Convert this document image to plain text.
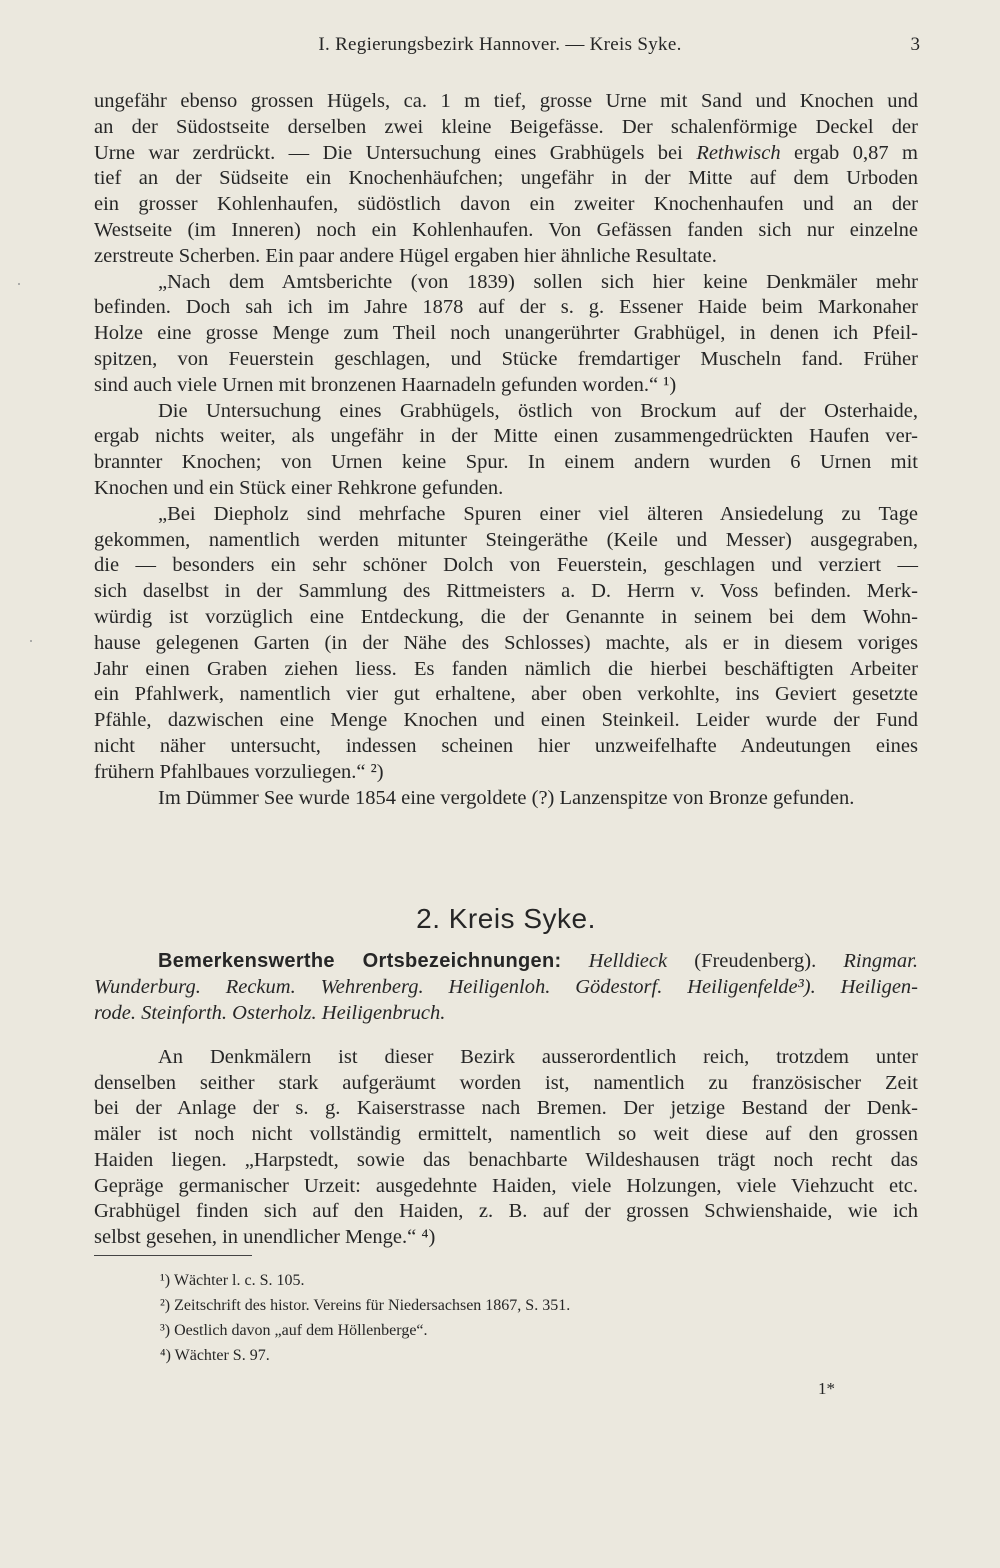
I. Regierungsbezirk Hannover. — Kreis Syke.	3
ungefähr ebenso grossen Hügels, ca. 1 m tief, grosse Urne mit Sand und Knochen und
an der Südostseite derselben zwei kleine Beigefässe. Der schalenförmige Deckel der
Urne war zerdrückt. — Die Untersuchung eines Grabhügels bei Rethwisch ergab 0,87 m
tief an der Südseite ein Knochenhäufchen; ungefähr in der Mitte auf dem Urboden
ein grosser Kohlenhaufen, südöstlich davon ein zweiter Knochenhaufen und an der
Westseite (im Inneren) noch ein Kohlenhaufen. Von Gefässen fanden sich nur einzelne
zerstreute Scherben. Ein paar andere Hügel ergaben hier ähnliche Resultate.
„Nach dem Amtsberichte (von 1839) sollen sich hier keine Denkmäler mehr
befinden. Doch sah ich im Jahre 1878 auf der s. g. Essener Haide beim Markonaher
Holze eine grosse Menge zum Theil noch unangerührter Grabhügel, in denen ich Pfeil-
spitzen, von Feuerstein geschlagen, und Stücke fremdartiger Muscheln fand. Früher
sind auch viele Urnen mit bronzenen Haarnadeln gefunden worden.“ ¹)
Die Untersuchung eines Grabhügels, östlich von Brockum auf der Osterhaide,
ergab nichts weiter, als ungefähr in der Mitte einen zusammengedrückten Haufen ver-
brannter Knochen; von Urnen keine Spur. In einem andern wurden 6 Urnen mit
Knochen und ein Stück einer Rehkrone gefunden.
„Bei Diepholz sind mehrfache Spuren einer viel älteren Ansiedelung zu Tage
gekommen, namentlich werden mitunter Steingeräthe (Keile und Messer) ausgegraben,
die — besonders ein sehr schöner Dolch von Feuerstein, geschlagen und verziert —
sich daselbst in der Sammlung des Rittmeisters a. D. Herrn v. Voss befinden. Merk-
würdig ist vorzüglich eine Entdeckung, die der Genannte in seinem bei dem Wohn-
hause gelegenen Garten (in der Nähe des Schlosses) machte, als er in diesem voriges
Jahr einen Graben ziehen liess. Es fanden nämlich die hierbei beschäftigten Arbeiter
ein Pfahlwerk, namentlich vier gut erhaltene, aber oben verkohlte, ins Geviert gesetzte
Pfähle, dazwischen eine Menge Knochen und einen Steinkeil. Leider wurde der Fund
nicht näher untersucht, indessen scheinen hier unzweifelhafte Andeutungen eines
frühern Pfahlbaues vorzuliegen.“ ²)
Im Dümmer See wurde 1854 eine vergoldete (?) Lanzenspitze von Bronze gefunden.
2. Kreis Syke.
Bemerkenswerthe Ortsbezeichnungen: Helldieck (Freudenberg). Ringmar.
Wunderburg. Reckum. Wehrenberg. Heiligenloh. Gödestorf. Heiligenfelde³). Heiligen-
rode. Steinforth. Osterholz. Heiligenbruch.
An Denkmälern ist dieser Bezirk ausserordentlich reich, trotzdem unter
denselben seither stark aufgeräumt worden ist, namentlich zu französischer Zeit
bei der Anlage der s. g. Kaiserstrasse nach Bremen. Der jetzige Bestand der Denk-
mäler ist noch nicht vollständig ermittelt, namentlich so weit diese auf den grossen
Haiden liegen. „Harpstedt, sowie das benachbarte Wildeshausen trägt noch recht das
Gepräge germanischer Urzeit: ausgedehnte Haiden, viele Holzungen, viele Viehzucht etc.
Grabhügel finden sich auf den Haiden, z. B. auf der grossen Schwienshaide, wie ich
selbst gesehen, in unendlicher Menge.“ ⁴)
¹) Wächter l. c. S. 105.
²) Zeitschrift des histor. Vereins für Niedersachsen 1867, S. 351.
³) Oestlich davon „auf dem Höllenberge“.
⁴) Wächter S. 97.
1*
